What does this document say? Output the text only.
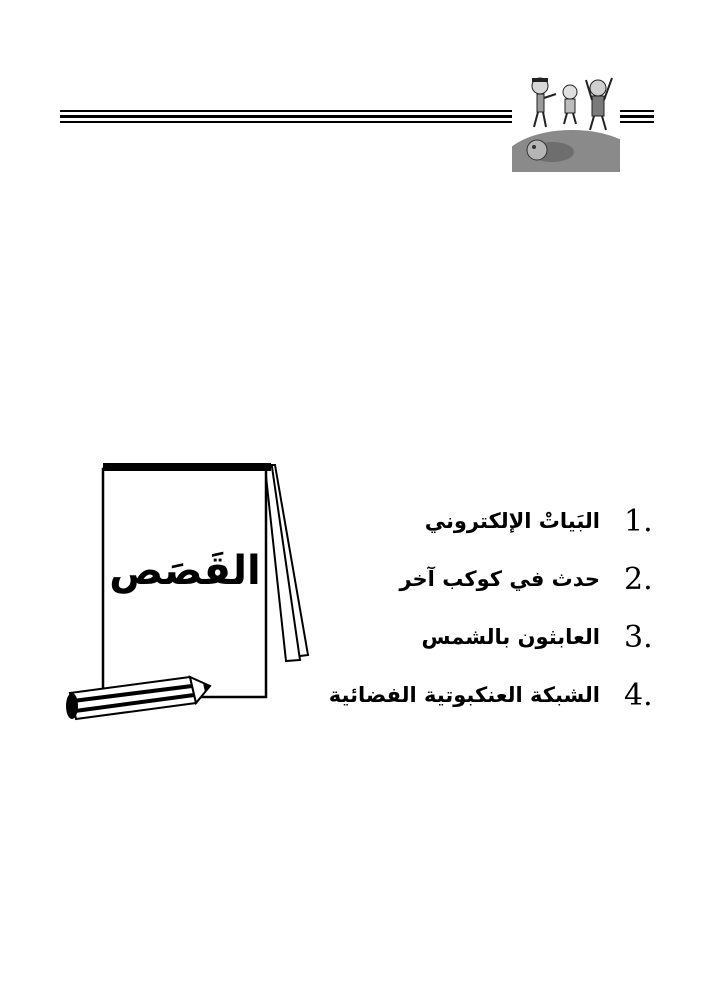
القَصَص
البَياتْ الإلكتروني 1.
حدث في كوكب آخر 2.
العابثون بالشمس 3.
الشبكة العنكبوتية الفضائية 4.
